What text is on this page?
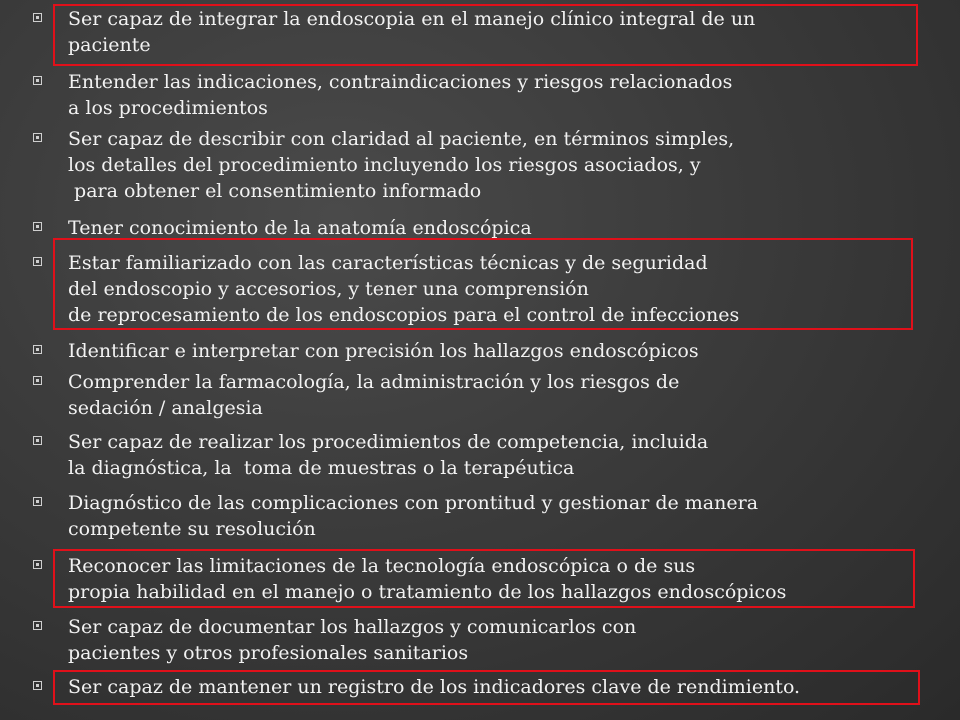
Ser capaz de integrar la endoscopia en el manejo clínico integral de un
paciente
Entender las indicaciones, contraindicaciones y riesgos relacionados
a los procedimientos
Ser capaz de describir con claridad al paciente, en términos simples,
los detalles del procedimiento incluyendo los riesgos asociados, y
para obtener el consentimiento informado
Tener conocimiento de la anatomía endoscópica
Estar familiarizado con las características técnicas y de seguridad
del endoscopio y accesorios, y tener una comprensión
de reprocesamiento de los endoscopios para el control de infecciones
Identificar e interpretar con precisión los hallazgos endoscópicos
Comprender la farmacología, la administración y los riesgos de
sedación / analgesia
Ser capaz de realizar los procedimientos de competencia, incluida
la diagnóstica, la  toma de muestras o la terapéutica
Diagnóstico de las complicaciones con prontitud y gestionar de manera
competente su resolución
Reconocer las limitaciones de la tecnología endoscópica o de sus
propia habilidad en el manejo o tratamiento de los hallazgos endoscópicos
Ser capaz de documentar los hallazgos y comunicarlos con
pacientes y otros profesionales sanitarios
Ser capaz de mantener un registro de los indicadores clave de rendimiento.
